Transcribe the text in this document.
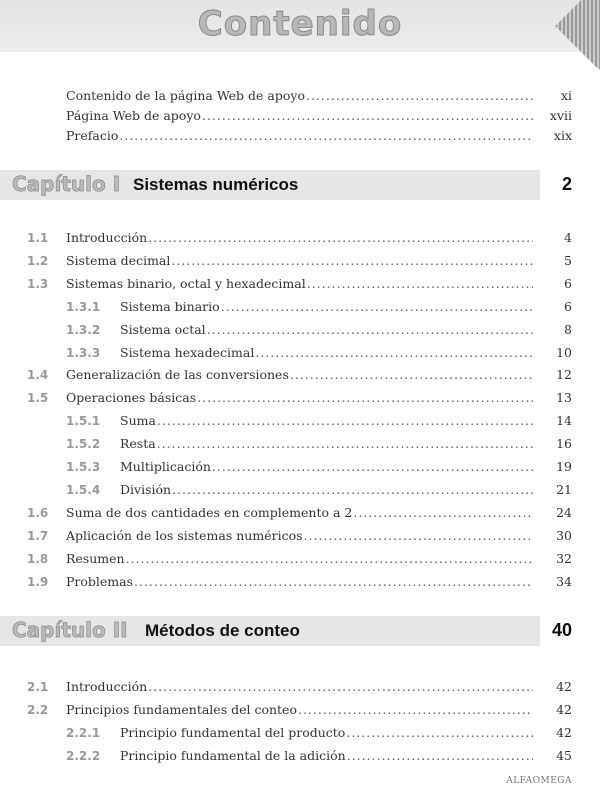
Contenido
Contenido de la página Web de apoyo .....	xi
Página Web de apoyo .....	xvii
Prefacio .....	xix
Capítulo I Sistemas numéricos	2
1.1 Introducción .....	4
1.2 Sistema decimal .....	5
1.3 Sistemas binario, octal y hexadecimal .....	6
1.3.1 Sistema binario .....	6
1.3.2 Sistema octal .....	8
1.3.3 Sistema hexadecimal .....	10
1.4 Generalización de las conversiones .....	12
1.5 Operaciones básicas .....	13
1.5.1 Suma .....	14
1.5.2 Resta .....	16
1.5.3 Multiplicación .....	19
1.5.4 División .....	21
1.6 Suma de dos cantidades en complemento a 2 .....	24
1.7 Aplicación de los sistemas numéricos .....	30
1.8 Resumen .....	32
1.9 Problemas .....	34
Capítulo II Métodos de conteo	40
2.1 Introducción .....	42
2.2 Principios fundamentales del conteo .....	42
2.2.1 Principio fundamental del producto .....	42
2.2.2 Principio fundamental de la adición .....	45
ALFAOMEGA
